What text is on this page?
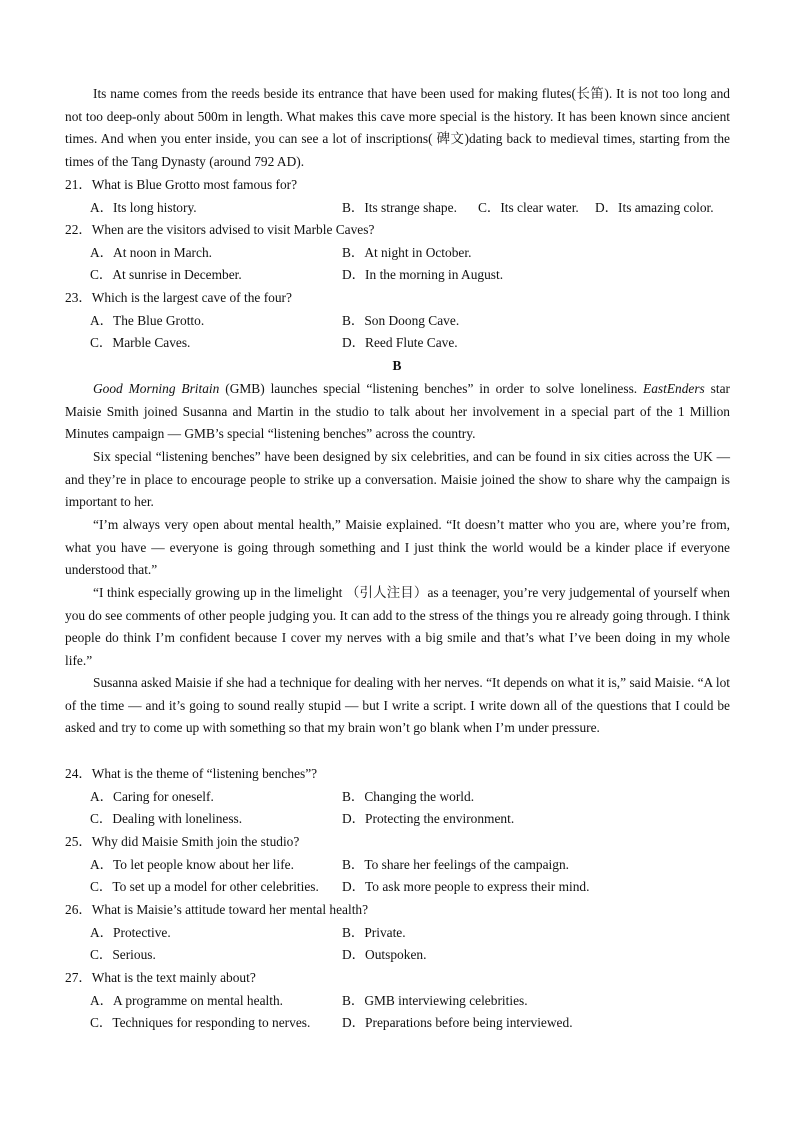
Its name comes from the reeds beside its entrance that have been used for making flutes(长笛). It is not too long and not too deep-only about 500m in length. What makes this cave more special is the history. It has been known since ancient times. And when you enter inside, you can see a lot of inscriptions( 碑文)dating back to medieval times, starting from the times of the Tang Dynasty (around 792 AD).

21．What is Blue Grotto most famous for?

A．Its long history.	B．Its strange shape. C．Its clear water. D．Its amazing color.

22．When are the visitors advised to visit Marble Caves?

A．At noon in March.	B．At night in October.

C．At sunrise in December.	D．In the morning in August.

23．Which is the largest cave of the four?

A．The Blue Grotto.	B．Son Doong Cave.

C．Marble Caves.	D．Reed Flute Cave.

B

Good Morning Britain (GMB) launches special “listening benches” in order to solve loneliness. EastEnders star Maisie Smith joined Susanna and Martin in the studio to talk about her involvement in a special part of the 1 Million Minutes campaign — GMB’s special “listening benches” across the country.

Six special “listening benches” have been designed by six celebrities, and can be found in six cities across the UK — and they’re in place to encourage people to strike up a conversation. Maisie joined the show to share why the campaign is important to her.

“I’m always very open about mental health,” Maisie explained. “It doesn’t matter who you are, where you’re from, what you have — everyone is going through something and I just think the world would be a kinder place if everyone understood that.”

“I think especially growing up in the limelight （引人注目）as a teenager, you’re very judgemental of yourself when you do see comments of other people judging you. It can add to the stress of the things you re already going through. I think people do think I’m confident because I cover my nerves with a big smile and that’s what I’ve been doing in my whole life.”

Susanna asked Maisie if she had a technique for dealing with her nerves. “It depends on what it is,” said Maisie. “A lot of the time — and it’s going to sound really stupid — but I write a script. I write down all of the questions that I could be asked and try to come up with something so that my brain won’t go blank when I’m under pressure.

24．What is the theme of “listening benches”?

A．Caring for oneself.	B．Changing the world.

C．Dealing with loneliness.	D．Protecting the environment.

25．Why did Maisie Smith join the studio?

A．To let people know about her life.	B．To share her feelings of the campaign.

C．To set up a model for other celebrities. D．To ask more people to express their mind.

26．What is Maisie’s attitude toward her mental health?

A．Protective.	B．Private.

C．Serious.	D．Outspoken.

27．What is the text mainly about?

A．A programme on mental health.	B．GMB interviewing celebrities.

C．Techniques for responding to nerves. D．Preparations before being interviewed.
